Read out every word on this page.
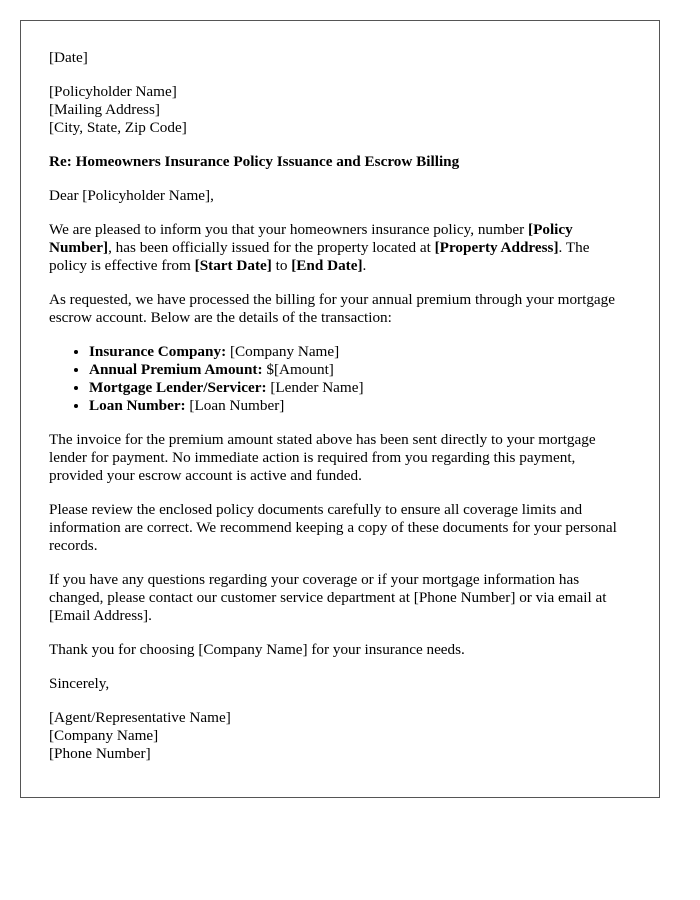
[Date]
[Policyholder Name]
[Mailing Address]
[City, State, Zip Code]

Re: Homeowners Insurance Policy Issuance and Escrow Billing

Dear [Policyholder Name],

We are pleased to inform you that your homeowners insurance policy, number [Policy Number], has been officially issued for the property located at [Property Address]. The policy is effective from [Start Date] to [End Date].

As requested, we have processed the billing for your annual premium through your mortgage escrow account. Below are the details of the transaction:

• Insurance Company: [Company Name]
• Annual Premium Amount: $[Amount]
• Mortgage Lender/Servicer: [Lender Name]
• Loan Number: [Loan Number]

The invoice for the premium amount stated above has been sent directly to your mortgage lender for payment. No immediate action is required from you regarding this payment, provided your escrow account is active and funded.

Please review the enclosed policy documents carefully to ensure all coverage limits and information are correct. We recommend keeping a copy of these documents for your personal records.

If you have any questions regarding your coverage or if your mortgage information has changed, please contact our customer service department at [Phone Number] or via email at [Email Address].

Thank you for choosing [Company Name] for your insurance needs.

Sincerely,

[Agent/Representative Name]
[Company Name]
[Phone Number]
